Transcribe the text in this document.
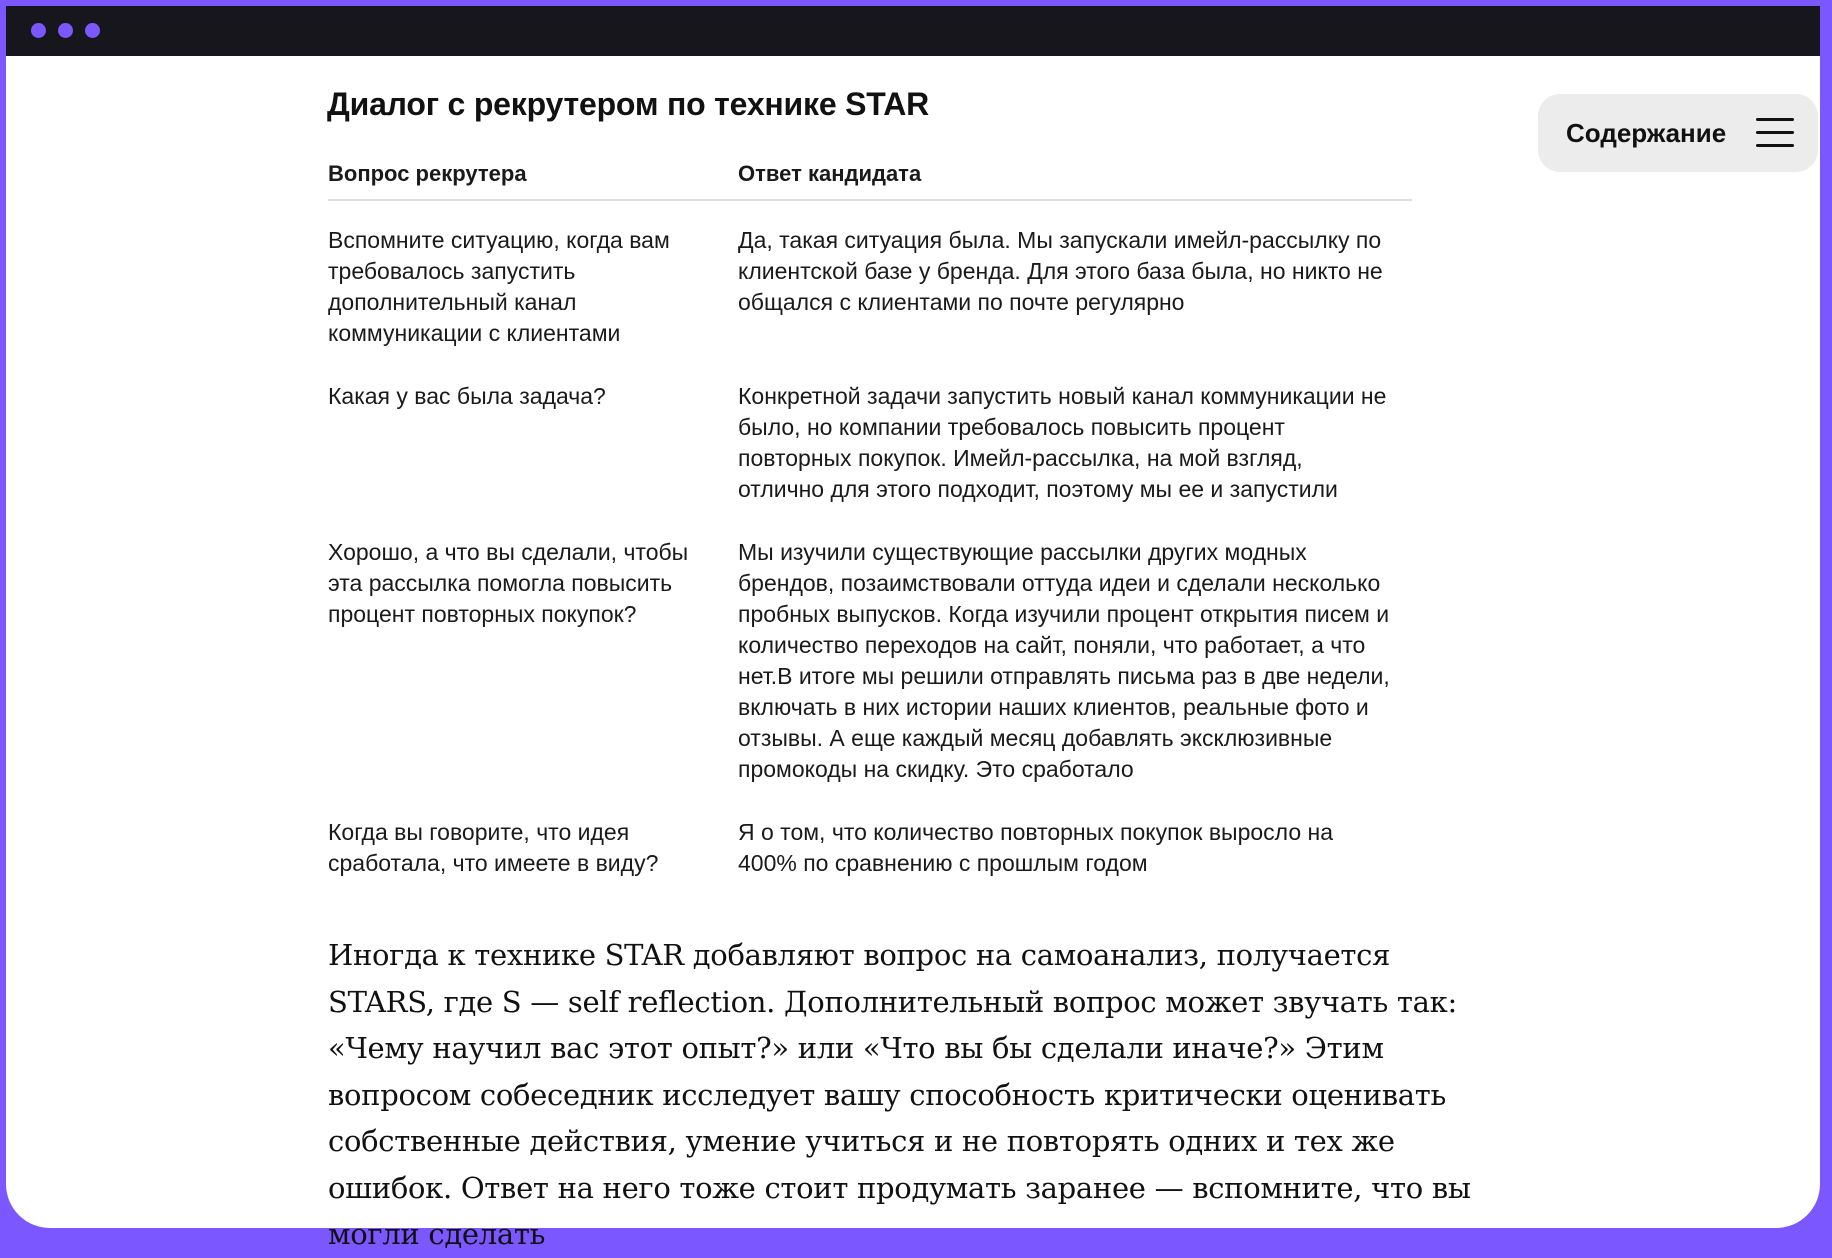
Диалог с рекрутером по технике STAR
Вопрос рекрутера	Ответ кандидата
Вспомните ситуацию, когда вам требовалось запустить дополнительный канал коммуникации с клиентами	Да, такая ситуация была. Мы запускали имейл-рассылку по клиентской базе у бренда. Для этого база была, но никто не общался с клиентами по почте регулярно
Какая у вас была задача?	Конкретной задачи запустить новый канал коммуникации не было, но компании требовалось повысить процент повторных покупок. Имейл-рассылка, на мой взгляд, отлично для этого подходит, поэтому мы ее и запустили
Хорошо, а что вы сделали, чтобы эта рассылка помогла повысить процент повторных покупок?	Мы изучили существующие рассылки других модных брендов, позаимствовали оттуда идеи и сделали несколько пробных выпусков. Когда изучили процент открытия писем и количество переходов на сайт, поняли, что работает, а что нет.В итоге мы решили отправлять письма раз в две недели, включать в них истории наших клиентов, реальные фото и отзывы. А еще каждый месяц добавлять эксклюзивные промокоды на скидку. Это сработало
Когда вы говорите, что идея сработала, что имеете в виду?	Я о том, что количество повторных покупок выросло на 400% по сравнению с прошлым годом

Иногда к технике STAR добавляют вопрос на самоанализ, получается STARS, где S — self reflection. Дополнительный вопрос может звучать так: «Чему научил вас этот опыт?» или «Что вы бы сделали иначе?» Этим вопросом собеседник исследует вашу способность критически оценивать собственные действия, умение учиться и не повторять одних и тех же ошибок. Ответ на него тоже стоит продумать заранее — вспомните, что вы могли сделать

Содержание
